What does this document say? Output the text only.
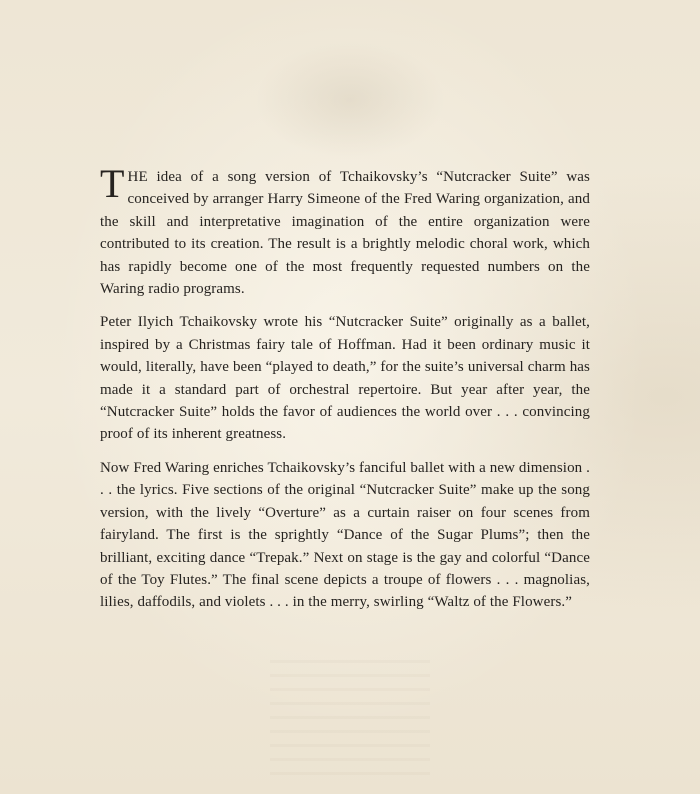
THE idea of a song version of Tchaikovsky’s “Nutcracker Suite” was conceived by arranger Harry Simeone of the Fred Waring organization, and the skill and interpretative imagination of the entire organization were contributed to its creation. The result is a brightly melodic choral work, which has rapidly become one of the most frequently requested numbers on the Waring radio programs.

Peter Ilyich Tchaikovsky wrote his “Nutcracker Suite” originally as a ballet, inspired by a Christmas fairy tale of Hoffman. Had it been ordinary music it would, literally, have been “played to death,” for the suite’s universal charm has made it a standard part of orchestral repertoire. But year after year, the “Nutcracker Suite” holds the favor of audiences the world over . . . convincing proof of its inherent greatness.

Now Fred Waring enriches Tchaikovsky’s fanciful ballet with a new dimension . . . the lyrics. Five sections of the original “Nutcracker Suite” make up the song version, with the lively “Overture” as a curtain raiser on four scenes from fairyland. The first is the sprightly “Dance of the Sugar Plums”; then the brilliant, exciting dance “Trepak.” Next on stage is the gay and colorful “Dance of the Toy Flutes.” The final scene depicts a troupe of flowers . . . magnolias, lilies, daffodils, and violets . . . in the merry, swirling “Waltz of the Flowers.”
